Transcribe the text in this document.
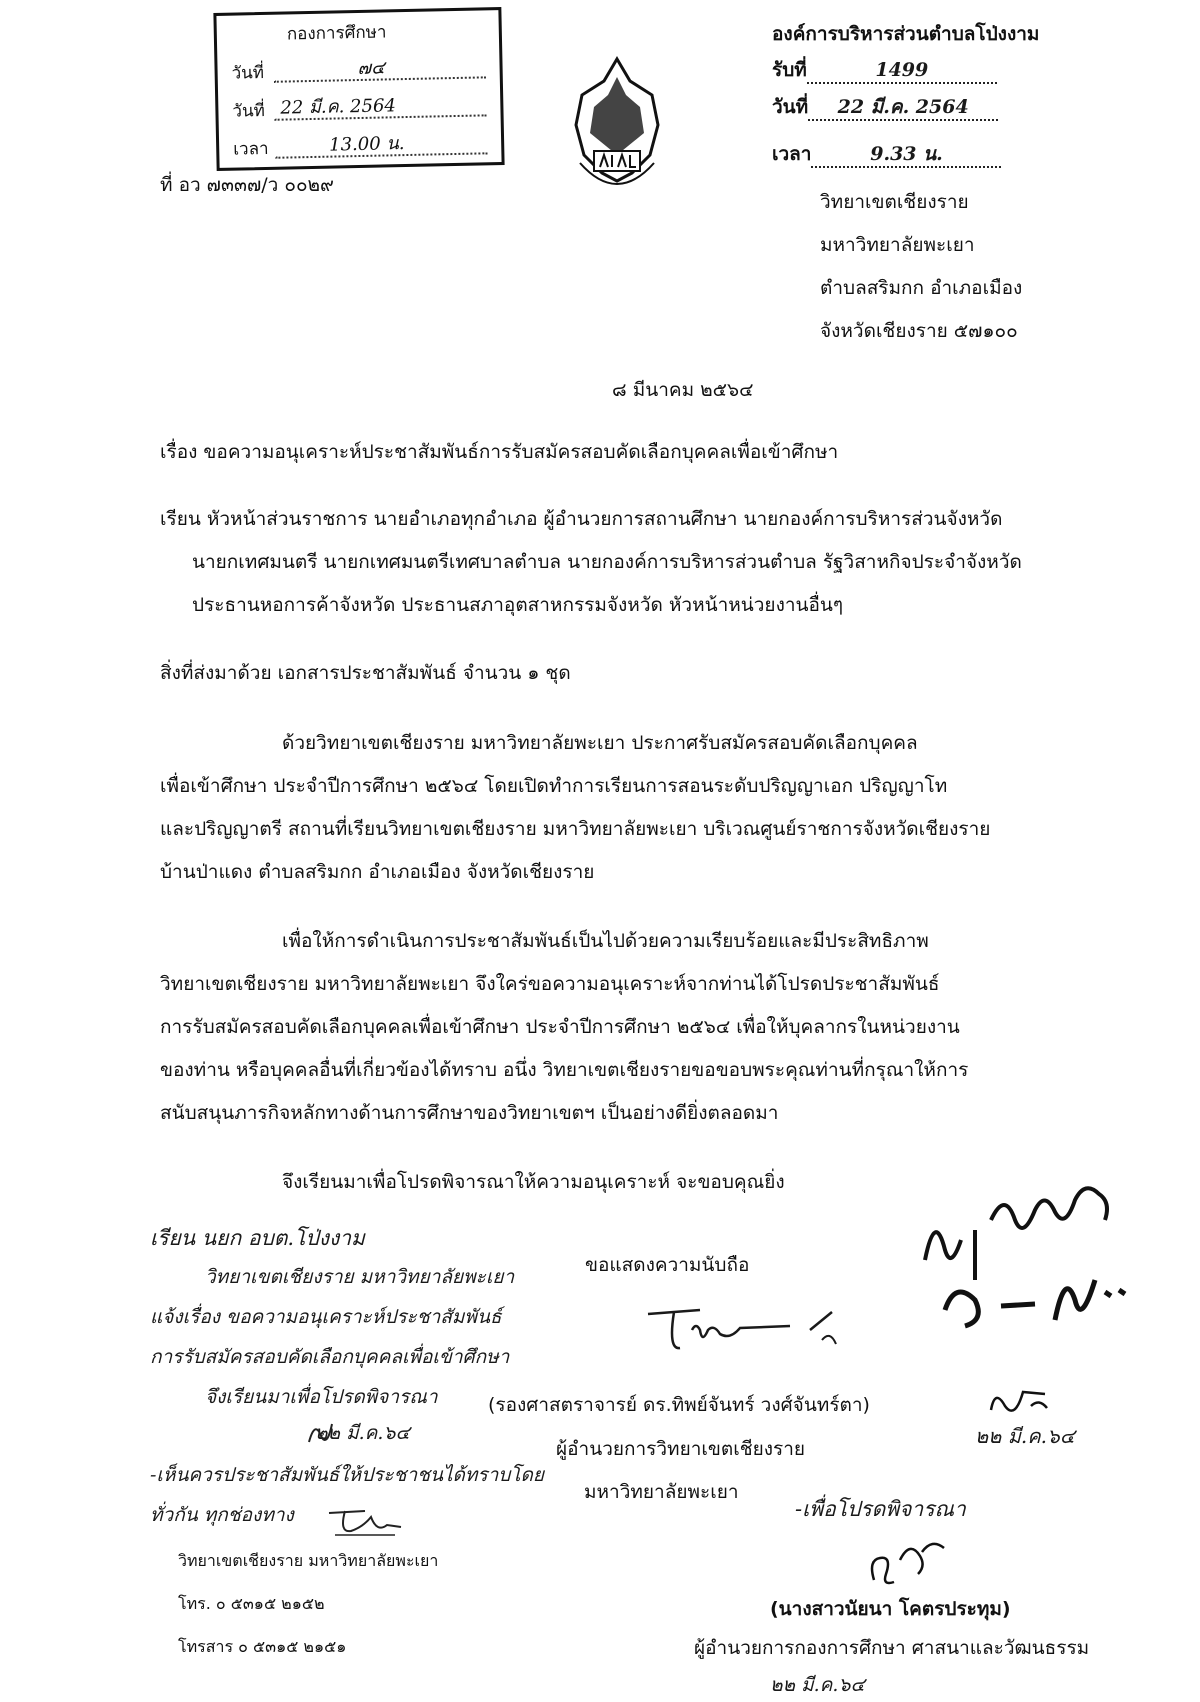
กองการศึกษา
วันที่	๗๔
วันที่ 22 มี.ค. 2564
เวลา	13.00 น.
องค์การบริหารส่วนตำบลโป่งงาม
รับที่	1499
วันที่ 22 มี.ค. 2564
เวลา	9.33 น.
ที่ อว ๗๓๓๗/ว ๐๐๒๙
วิทยาเขตเชียงราย
มหาวิทยาลัยพะเยา
ตำบลสริมกก อำเภอเมือง
จังหวัดเชียงราย ๕๗๑๐๐
๘ มีนาคม ๒๕๖๔
เรื่อง ขอความอนุเคราะห์ประชาสัมพันธ์การรับสมัครสอบคัดเลือกบุคคลเพื่อเข้าศึกษา
เรียน หัวหน้าส่วนราชการ นายอำเภอทุกอำเภอ ผู้อำนวยการสถานศึกษา นายกองค์การบริหารส่วนจังหวัด
นายกเทศมนตรี นายกเทศมนตรีเทศบาลตำบล นายกองค์การบริหารส่วนตำบล รัฐวิสาหกิจประจำจังหวัด
ประธานหอการค้าจังหวัด ประธานสภาอุตสาหกรรมจังหวัด หัวหน้าหน่วยงานอื่นๆ
สิ่งที่ส่งมาด้วย เอกสารประชาสัมพันธ์ จำนวน ๑ ชุด
ด้วยวิทยาเขตเชียงราย มหาวิทยาลัยพะเยา ประกาศรับสมัครสอบคัดเลือกบุคคล
เพื่อเข้าศึกษา ประจำปีการศึกษา ๒๕๖๔ โดยเปิดทำการเรียนการสอนระดับปริญญาเอก ปริญญาโท
และปริญญาตรี สถานที่เรียนวิทยาเขตเชียงราย มหาวิทยาลัยพะเยา บริเวณศูนย์ราชการจังหวัดเชียงราย
บ้านป่าแดง ตำบลสริมกก อำเภอเมือง จังหวัดเชียงราย
เพื่อให้การดำเนินการประชาสัมพันธ์เป็นไปด้วยความเรียบร้อยและมีประสิทธิภาพ
วิทยาเขตเชียงราย มหาวิทยาลัยพะเยา จึงใคร่ขอความอนุเคราะห์จากท่านได้โปรดประชาสัมพันธ์
การรับสมัครสอบคัดเลือกบุคคลเพื่อเข้าศึกษา ประจำปีการศึกษา ๒๕๖๔ เพื่อให้บุคลากรในหน่วยงาน
ของท่าน หรือบุคคลอื่นที่เกี่ยวข้องได้ทราบ อนึ่ง วิทยาเขตเชียงรายขอขอบพระคุณท่านที่กรุณาให้การ
สนับสนุนภารกิจหลักทางด้านการศึกษาของวิทยาเขตฯ เป็นอย่างดียิ่งตลอดมา
จึงเรียนมาเพื่อโปรดพิจารณาให้ความอนุเคราะห์ จะขอบคุณยิ่ง
เรียน นยก อบต.โป่งงาม
วิทยาเขตเชียงราย มหาวิทยาลัยพะเยา
แจ้งเรื่อง ขอความอนุเคราะห์ประชาสัมพันธ์
การรับสมัครสอบคัดเลือกบุคคลเพื่อเข้าศึกษา
จึงเรียนมาเพื่อโปรดพิจารณา
๒๒ มี.ค.๖๔
-เห็นควรประชาสัมพันธ์ให้ประชาชนได้ทราบโดย
ทั่วกัน ทุกช่องทาง
วิทยาเขตเชียงราย มหาวิทยาลัยพะเยา
โทร. ๐ ๕๓๑๕ ๒๑๕๒
โทรสาร ๐ ๕๓๑๕ ๒๑๕๑
ขอแสดงความนับถือ
(รองศาสตราจารย์ ดร.ทิพย์จันทร์ วงศ์จันทร์ตา)
ผู้อำนวยการวิทยาเขตเชียงราย
มหาวิทยาลัยพะเยา
๒๒ มี.ค.๖๔
-เพื่อโปรดพิจารณา
(นางสาวนัยนา โคตรประทุม)
ผู้อำนวยการกองการศึกษา ศาสนาและวัฒนธรรม
๒๒ มี.ค.๖๔
